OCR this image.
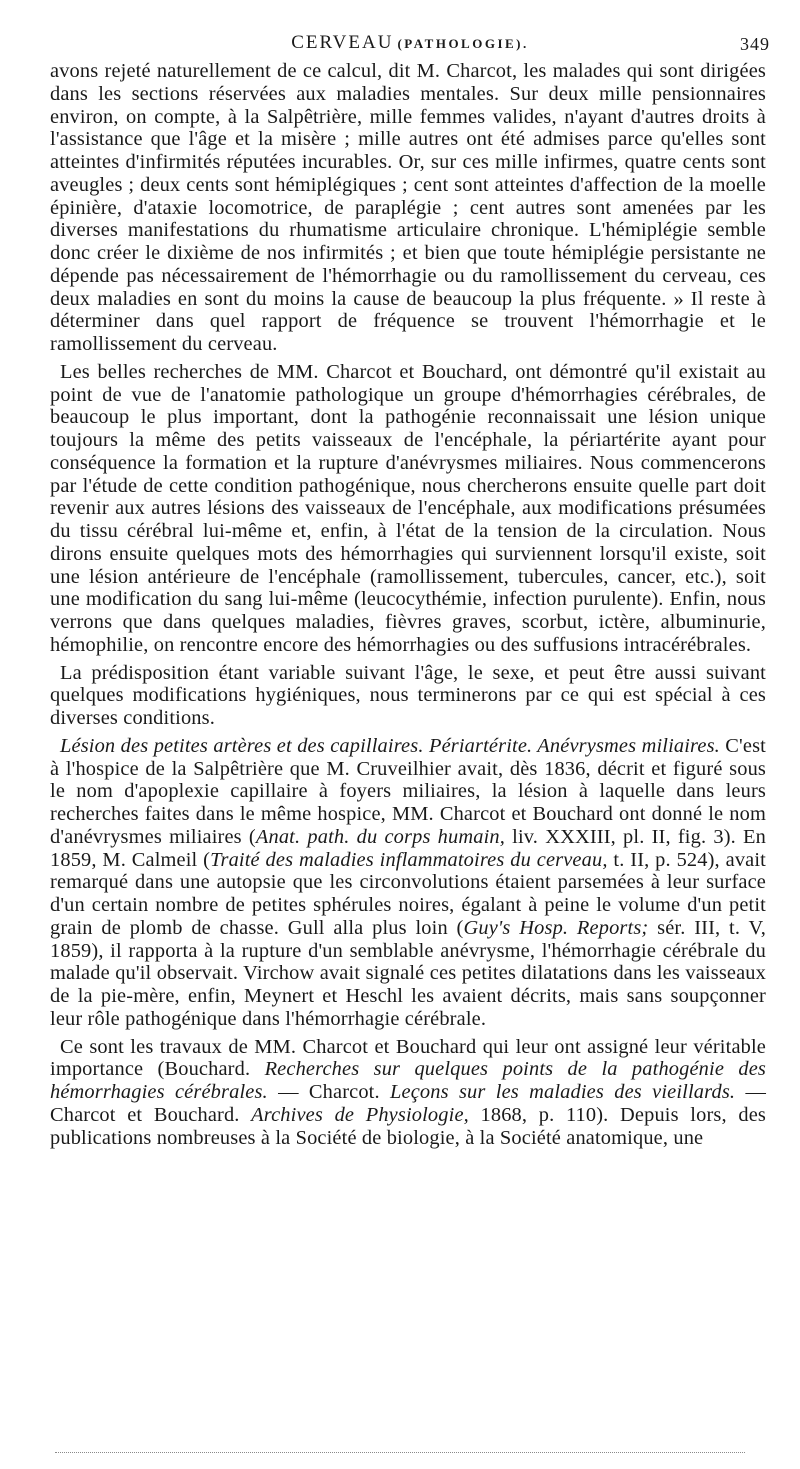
CERVEAU (PATHOLOGIE).	349

avons rejeté naturellement de ce calcul, dit M. Charcot, les malades qui sont dirigées dans les sections réservées aux maladies mentales. Sur deux mille pensionnaires environ, on compte, à la Salpêtrière, mille femmes valides, n'ayant d'autres droits à l'assistance que l'âge et la misère ; mille autres ont été admises parce qu'elles sont atteintes d'infirmités réputées incurables. Or, sur ces mille infirmes, quatre cents sont aveugles ; deux cents sont hémiplégiques ; cent sont atteintes d'affection de la moelle épinière, d'ataxie locomotrice, de paraplégie ; cent autres sont amenées par les diverses manifestations du rhumatisme articulaire chronique. L'hémiplégie semble donc créer le dixième de nos infirmités ; et bien que toute hémiplégie persistante ne dépende pas nécessairement de l'hémorrhagie ou du ramollissement du cerveau, ces deux maladies en sont du moins la cause de beaucoup la plus fréquente. » Il reste à déterminer dans quel rapport de fréquence se trouvent l'hémorrhagie et le ramollissement du cerveau.

Les belles recherches de MM. Charcot et Bouchard, ont démontré qu'il existait au point de vue de l'anatomie pathologique un groupe d'hémorrhagies cérébrales, de beaucoup le plus important, dont la pathogénie reconnaissait une lésion unique toujours la même des petits vaisseaux de l'encéphale, la périartérite ayant pour conséquence la formation et la rupture d'anévrysmes miliaires. Nous commencerons par l'étude de cette condition pathogénique, nous chercherons ensuite quelle part doit revenir aux autres lésions des vaisseaux de l'encéphale, aux modifications présumées du tissu cérébral lui-même et, enfin, à l'état de la tension de la circulation. Nous dirons ensuite quelques mots des hémorrhagies qui surviennent lorsqu'il existe, soit une lésion antérieure de l'encéphale (ramollissement, tubercules, cancer, etc.), soit une modification du sang lui-même (leucocythémie, infection purulente). Enfin, nous verrons que dans quelques maladies, fièvres graves, scorbut, ictère, albuminurie, hémophilie, on rencontre encore des hémorrhagies ou des suffusions intracérébrales.

La prédisposition étant variable suivant l'âge, le sexe, et peut être aussi suivant quelques modifications hygiéniques, nous terminerons par ce qui est spécial à ces diverses conditions.

Lésion des petites artères et des capillaires. Périartérite. Anévrysmes miliaires. C'est à l'hospice de la Salpêtrière que M. Cruveilhier avait, dès 1836, décrit et figuré sous le nom d'apoplexie capillaire à foyers miliaires, la lésion à laquelle dans leurs recherches faites dans le même hospice, MM. Charcot et Bouchard ont donné le nom d'anévrysmes miliaires (Anat. path. du corps humain, liv. XXXIII, pl. II, fig. 3). En 1859, M. Calmeil (Traité des maladies inflammatoires du cerveau, t. II, p. 524), avait remarqué dans une autopsie que les circonvolutions étaient parsemées à leur surface d'un certain nombre de petites sphérules noires, égalant à peine le volume d'un petit grain de plomb de chasse. Gull alla plus loin (Guy's Hosp. Reports; sér. III, t. V, 1859), il rapporta à la rupture d'un semblable anévrysme, l'hémorrhagie cérébrale du malade qu'il observait. Virchow avait signalé ces petites dilatations dans les vaisseaux de la pie-mère, enfin, Meynert et Heschl les avaient décrits, mais sans soupçonner leur rôle pathogénique dans l'hémorrhagie cérébrale.

Ce sont les travaux de MM. Charcot et Bouchard qui leur ont assigné leur véritable importance (Bouchard. Recherches sur quelques points de la pathogénie des hémorrhagies cérébrales. — Charcot. Leçons sur les maladies des vieillards. — Charcot et Bouchard. Archives de Physiologie, 1868, p. 110). Depuis lors, des publications nombreuses à la Société de biologie, à la Société anatomique, une
